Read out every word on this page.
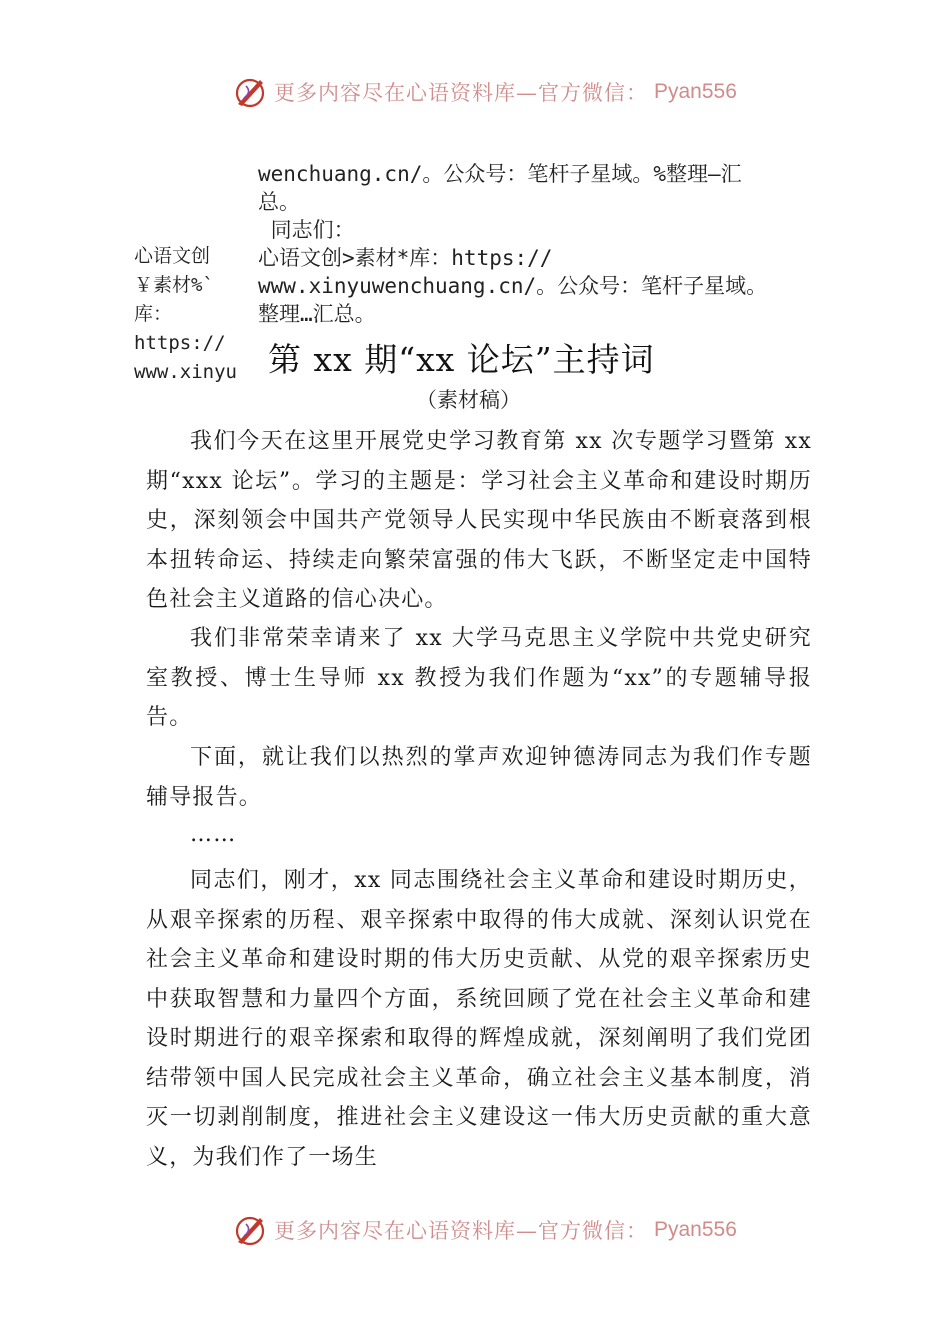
更多内容尽在心语资料库—官方微信： Pyan556
心语文创
￥素材%`
库：
https://
www.xinyu
wenchuang.cn/。公众号：笔杆子星域。%整理—汇
总。
同志们：
心语文创>素材*库：https://
www.xinyuwenchuang.cn/。公众号：笔杆子星域。
整理…汇总。
第 xx 期“xx 论坛”主持词
（素材稿）

我们今天在这里开展党史学习教育第 xx 次专题学习暨第 xx 期“xxx 论坛”。学习的主题是：学习社会主义革命和建设时期历史，深刻领会中国共产党领导人民实现中华民族由不断衰落到根本扭转命运、持续走向繁荣富强的伟大飞跃，不断坚定走中国特色社会主义道路的信心决心。

我们非常荣幸请来了 xx 大学马克思主义学院中共党史研究室教授、博士生导师 xx 教授为我们作题为“xx”的专题辅导报告。

下面，就让我们以热烈的掌声欢迎钟德涛同志为我们作专题辅导报告。

……

同志们，刚才，xx 同志围绕社会主义革命和建设时期历史，从艰辛探索的历程、艰辛探索中取得的伟大成就、深刻认识党在社会主义革命和建设时期的伟大历史贡献、从党的艰辛探索历史中获取智慧和力量四个方面，系统回顾了党在社会主义革命和建设时期进行的艰辛探索和取得的辉煌成就，深刻阐明了我们党团结带领中国人民完成社会主义革命，确立社会主义基本制度，消灭一切剥削制度，推进社会主义建设这一伟大历史贡献的重大意义，为我们作了一场生

更多内容尽在心语资料库—官方微信： Pyan556
